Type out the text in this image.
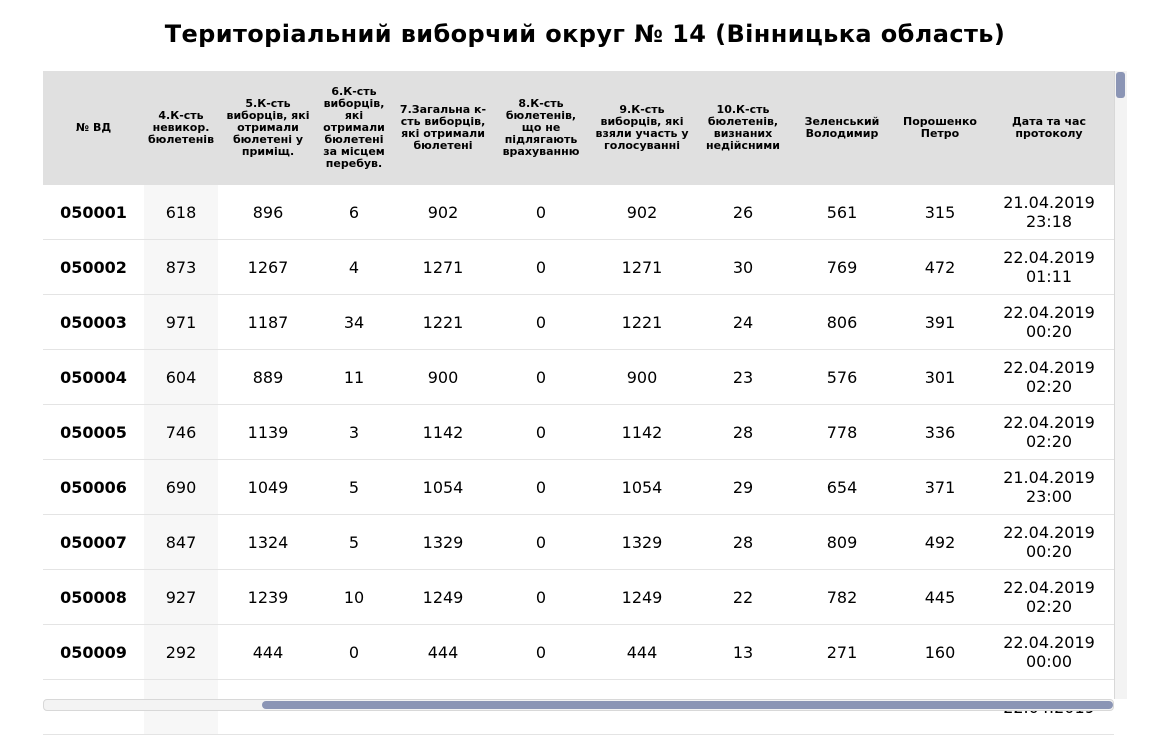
Територіальний виборчий округ № 14 (Вінницька область)
№ ВД	4.К-сть невикор. бюлетенів	5.К-сть виборців, які отримали бюлетені у приміщ.	6.К-сть виборців, які отримали бюлетені за місцем перебув.	7.Загальна к-сть виборців, які отримали бюлетені	8.К-сть бюлетенів, що не підлягають врахуванню	9.К-сть виборців, які взяли участь у голосуванні	10.К-сть бюлетенів, визнаних недійсними	Зеленський Володимир	Порошенко Петро	Дата та час протоколу
050001	618	896	6	902	0	902	26	561	315	21.04.2019
23:18

050002	873	1267	4	1271	0	1271	30	769	472	22.04.2019
01:11

050003	971	1187	34	1221	0	1221	24	806	391	22.04.2019
00:20

050004	604	889	11	900	0	900	23	576	301	22.04.2019
02:20

050005	746	1139	3	1142	0	1142	28	778	336	22.04.2019
02:20

050006	690	1049	5	1054	0	1054	29	654	371	21.04.2019
23:00

050007	847	1324	5	1329	0	1329	28	809	492	22.04.2019
00:20

050008	927	1239	10	1249	0	1249	22	782	445	22.04.2019
02:20

050009	292	444	0	444	0	444	13	271	160	22.04.2019
00:00
